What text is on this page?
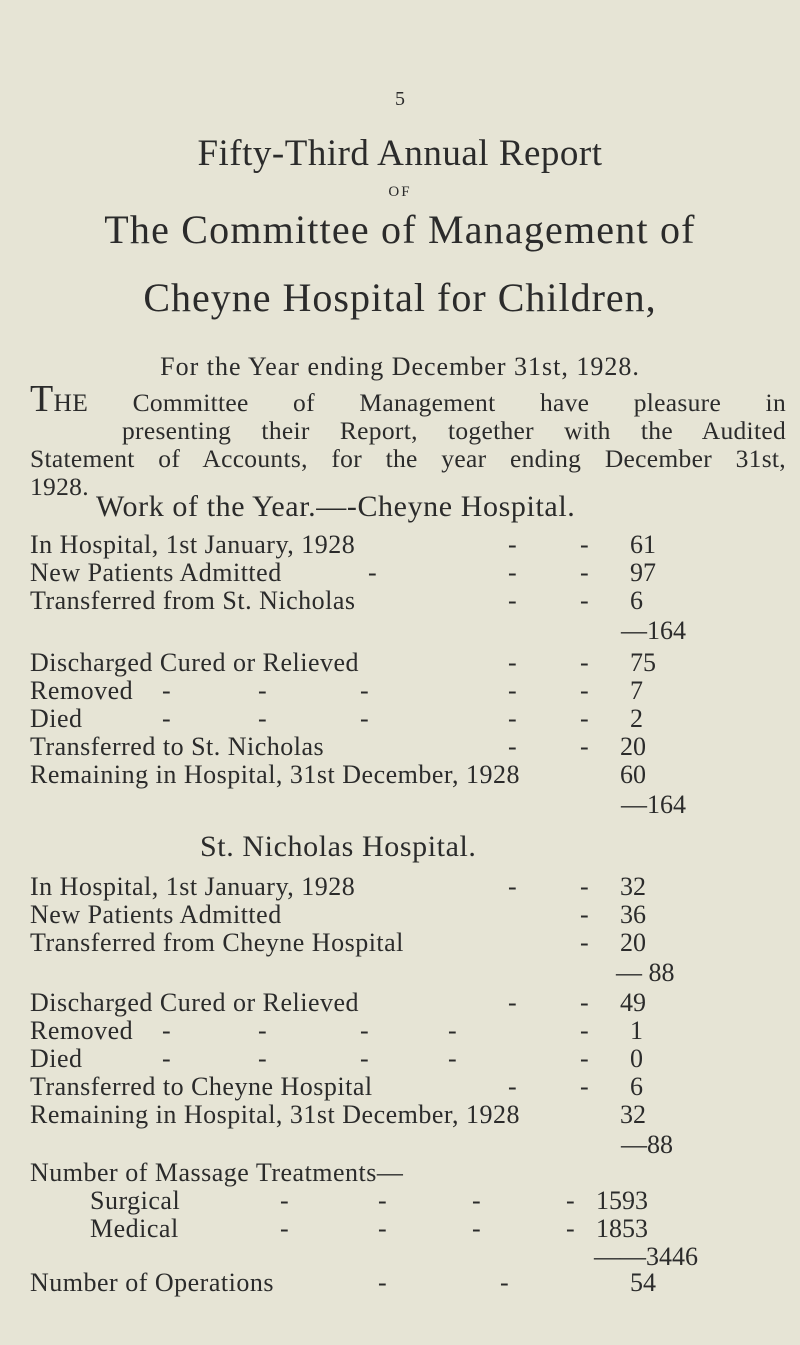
5
Fifty-Third Annual Report
OF
The Committee of Management of
Cheyne Hospital for Children,
For the Year ending December 31st, 1928.
THE Committee of Management have pleasure in
presenting their Report, together with the Audited
Statement of Accounts, for the year ending December 31st,
1928.
Work of the Year.—-Cheyne Hospital.
In Hospital, 1st January, 1928	- - 61
New Patients Admitted	-	- - 97
Transferred from St. Nicholas	- - 6
—164
Discharged Cured or Relieved	- - 75
Removed -	-	-	- - 7
Died	-	-	-	- - 2
Transferred to St. Nicholas	- - 20
Remaining in Hospital, 31st December, 1928	60
—164
St. Nicholas Hospital.
In Hospital, 1st January, 1928	- - 32
New Patients Admitted	- 36
Transferred from Cheyne Hospital	- 20
— 88
Discharged Cured or Relieved	- - 49
Removed -	-	-	-	- 1
Died	-	-	-	-	- 0
Transferred to Cheyne Hospital	- - 6
Remaining in Hospital, 31st December, 1928	32
—88
Number of Massage Treatments—
Surgical	-	-	-	- 1593
Medical	-	-	-	- 1853
——3446
Number of Operations	-	-	54
